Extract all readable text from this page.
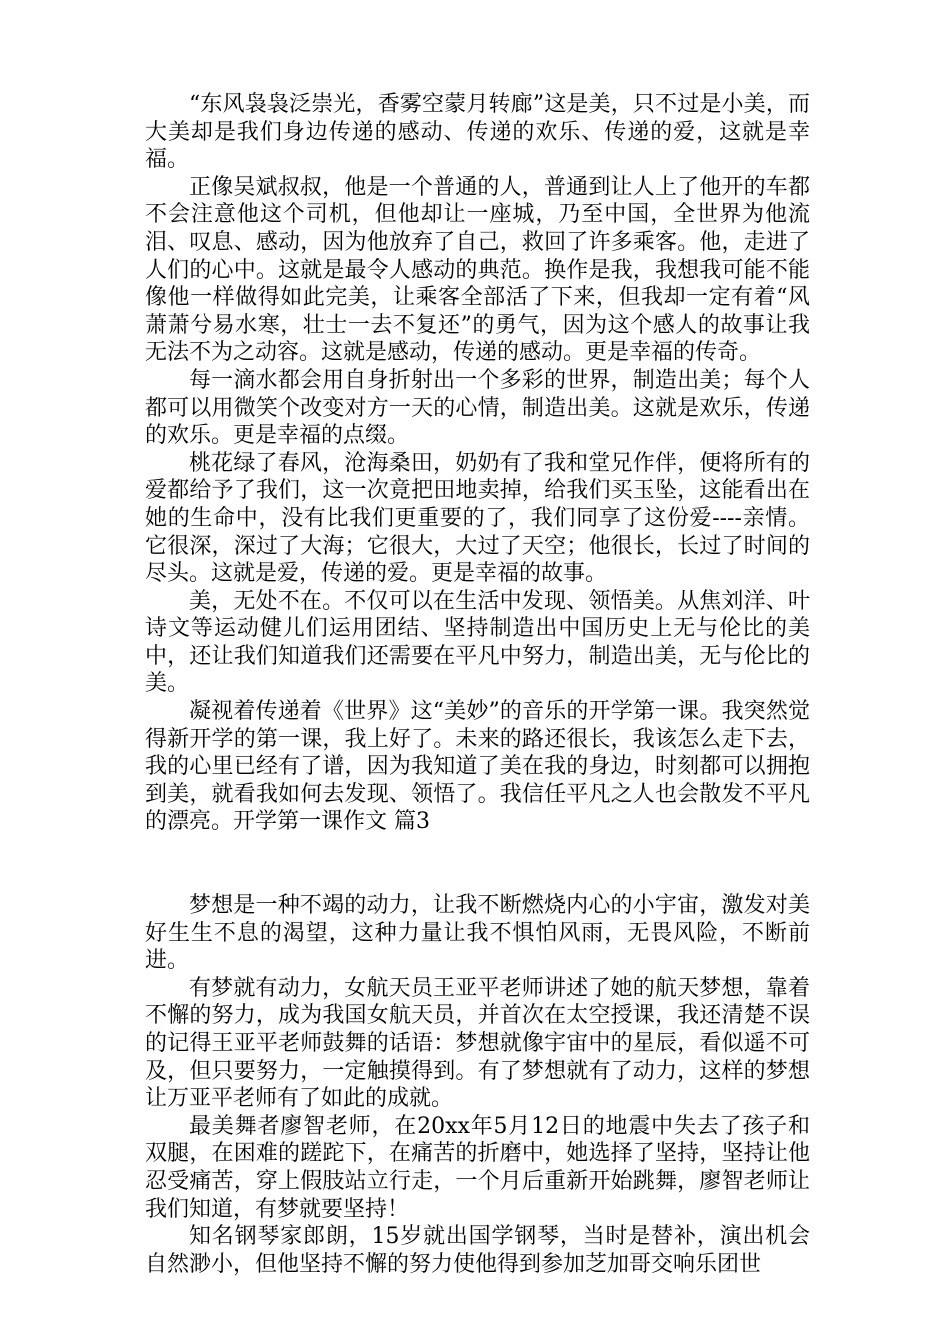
“东风袅袅泛崇光，香雾空蒙月转廊”这是美，只不过是小美，而大美却是我们身边传递的感动、传递的欢乐、传递的爱，这就是幸福。

正像吴斌叔叔，他是一个普通的人，普通到让人上了他开的车都不会注意他这个司机，但他却让一座城，乃至中国，全世界为他流泪、叹息、感动，因为他放弃了自己，救回了许多乘客。他，走进了人们的心中。这就是最令人感动的典范。换作是我，我想我可能不能像他一样做得如此完美，让乘客全部活了下来，但我却一定有着“风萧萧兮易水寒，壮士一去不复还”的勇气，因为这个感人的故事让我无法不为之动容。这就是感动，传递的感动。更是幸福的传奇。

每一滴水都会用自身折射出一个多彩的世界，制造出美；每个人都可以用微笑个改变对方一天的心情，制造出美。这就是欢乐，传递的欢乐。更是幸福的点缀。

桃花绿了春风，沧海桑田，奶奶有了我和堂兄作伴，便将所有的爱都给予了我们，这一次竟把田地卖掉，给我们买玉坠，这能看出在她的生命中，没有比我们更重要的了，我们同享了这份爱----亲情。它很深，深过了大海；它很大，大过了天空；他很长，长过了时间的尽头。这就是爱，传递的爱。更是幸福的故事。

美，无处不在。不仅可以在生活中发现、领悟美。从焦刘洋、叶诗文等运动健儿们运用团结、坚持制造出中国历史上无与伦比的美中，还让我们知道我们还需要在平凡中努力，制造出美，无与伦比的美。

凝视着传递着《世界》这“美妙”的音乐的开学第一课。我突然觉得新开学的第一课，我上好了。未来的路还很长，我该怎么走下去，我的心里已经有了谱，因为我知道了美在我的身边，时刻都可以拥抱到美，就看我如何去发现、领悟了。我信任平凡之人也会散发不平凡的漂亮。开学第一课作文 篇3

梦想是一种不竭的动力，让我不断燃烧内心的小宇宙，激发对美好生生不息的渴望，这种力量让我不惧怕风雨，无畏风险，不断前进。

有梦就有动力，女航天员王亚平老师讲述了她的航天梦想，靠着不懈的努力，成为我国女航天员，并首次在太空授课，我还清楚不误的记得王亚平老师鼓舞的话语：梦想就像宇宙中的星辰，看似遥不可及，但只要努力，一定触摸得到。有了梦想就有了动力，这样的梦想让万亚平老师有了如此的成就。

最美舞者廖智老师，在20xx年5月12日的地震中失去了孩子和双腿，在困难的蹉跎下，在痛苦的折磨中，她选择了坚持，坚持让他忍受痛苦，穿上假肢站立行走，一个月后重新开始跳舞，廖智老师让我们知道，有梦就要坚持！

知名钢琴家郎朗，15岁就出国学钢琴，当时是替补，演出机会自然渺小，但他坚持不懈的努力使他得到参加芝加哥交响乐团世
